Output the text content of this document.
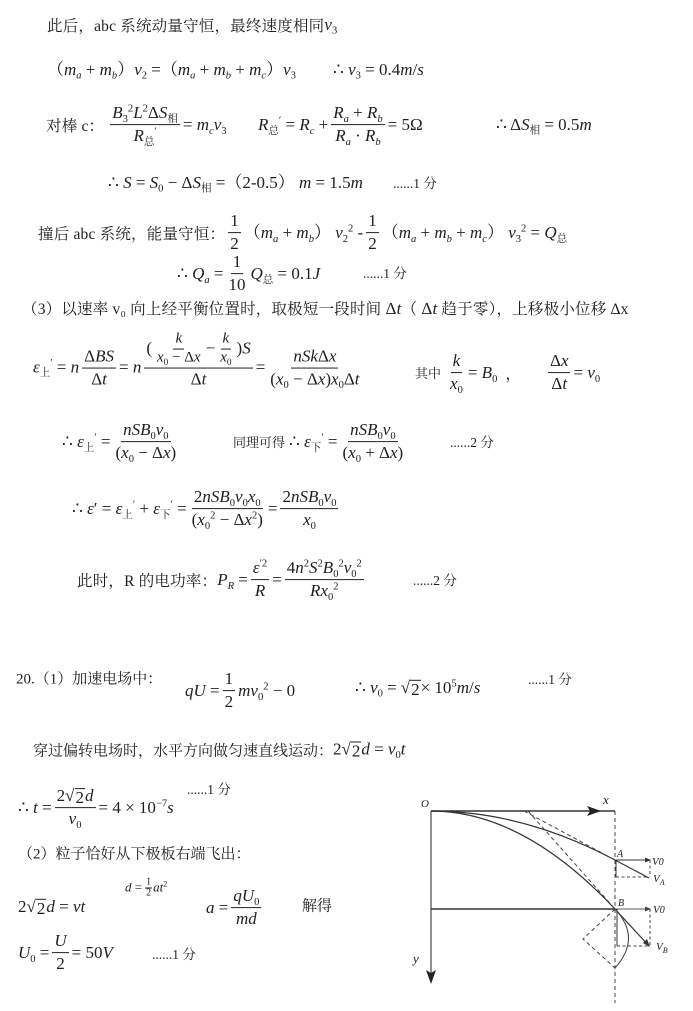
此后，abc 系统动量守恒，最终速度相同 $v_3$
$(m_a + m_b)v_2 =(m_a + m_b + m_c)v_3$ ∴ $v_3 = 0.4m/s$
对棒 c： $\frac{B_3^2L^2\Delta S_相}{R_总'} = m_cv_3$ $R_总' = R_c + \frac{R_a + R_b}{R_a \cdot R_b} = 5\Omega$	∴ $\Delta S_相 = 0.5m$
∴ $S = S_0 - \Delta S_相 =(2-0.5) m = 1.5m$ ......1 分
撞后 abc 系统，能量守恒： $\frac{1}{2} (m_a + m_b)$ $v_2^2 - \frac{1}{2} (m_a + m_b + m_c) v_3^2 = Q_总$
∴ $Q_a = \frac{1}{10} Q_总 = 0.1J$	......1 分
（3）以速率 v₀ 向上经平衡位置时，取极短一段时间 Δt（ Δt 趋于零），上移极小位移 Δx
$\varepsilon_上' = n \frac{\text{ΔBS}}{\Delta t} = n$
( $\frac{k}{x_0 - \Delta x} - \frac{k}{x_0} )S$
Δt
= $\frac{\text{nSkΔx}}{(x_0 - \Delta x)x_0\Delta t}$	其中 $\frac{k}{x_0} = B_0$ ， $\frac{\Delta x}{\Delta t} = v_0$
∴ $\varepsilon_上' = \frac{nSB_0v_0}{(x_0 - \Delta x)}$	同理可得 ∴ $\varepsilon_下' = \frac{nSB_0v_0}{(x_0 + \Delta x)}$	......2 分
∴ $\varepsilon' = \varepsilon_上' + \varepsilon_下' = \frac{2nSB_0v_0x_0}{(x_0^2 - \Delta x^2)} = \frac{2nSB_0v_0}{x_0}$
此时，R 的电功率： $P_R = \frac{\varepsilon^{'2}}{R} = \frac{4n^2S^2B_0^2v_0^2}{Rx_0^2}$	......2 分
20.（1）加速电场中：
qU = $\frac{1}{2} mv_0^2 - 0$	∴ $v_0$ = √ $2 \times 10^5m/s$	......1 分
穿过偏转电场时，水平方向做匀速直线运动： 2 √ 2 $d = v_0t$
∴ $t = \frac{2 √ 2 d}{v_0} = 4 \times 10^{-7}s$
......1 分
（2）粒子恰好从下极板右端飞出：
2 √ 2 d = vt
$d = \frac{1}{2} at^2$
$a = \frac{qU_0}{md}$	解得
$U_0 = \frac{U}{2} = 50V$	......1 分
O	x
y
A
B
V0
$V_A$
V0
$V_B$
